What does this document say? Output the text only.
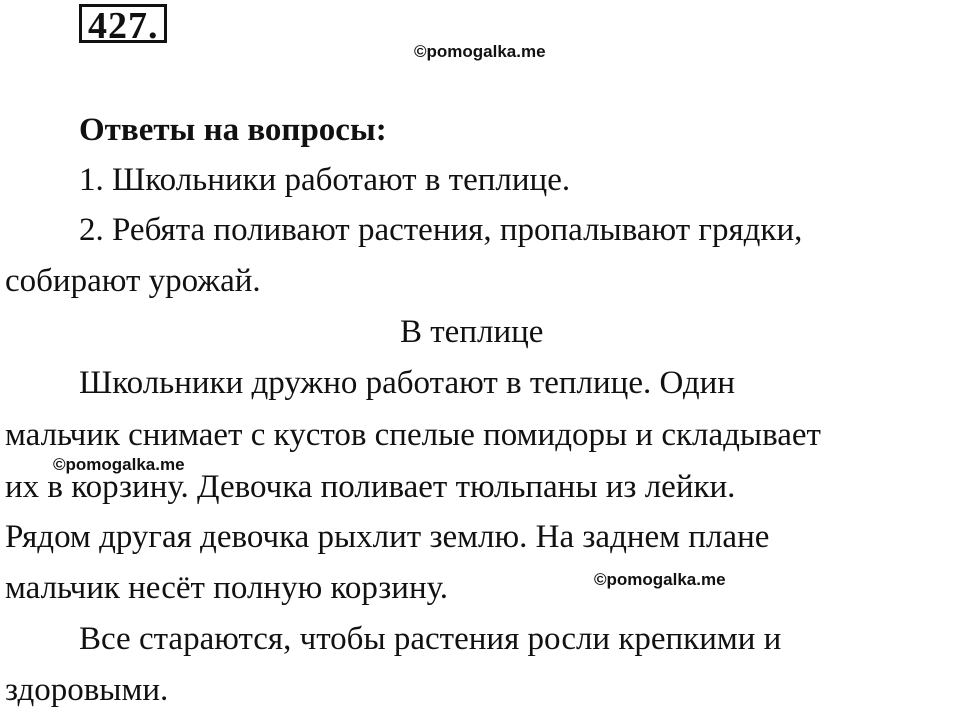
427.
©pomogalka.me
Ответы на вопросы:
1. Школьники работают в теплице.
2. Ребята поливают растения, пропалывают грядки,
собирают урожай.
В теплице
Школьники дружно работают в теплице. Один
мальчик снимает с кустов спелые помидоры и складывает
их в корзину. Девочка поливает тюльпаны из лейки.
Рядом другая девочка рыхлит землю. На заднем плане
мальчик несёт полную корзину.
Все стараются, чтобы растения росли крепкими и
здоровыми.
©pomogalka.me
©pomogalka.me
